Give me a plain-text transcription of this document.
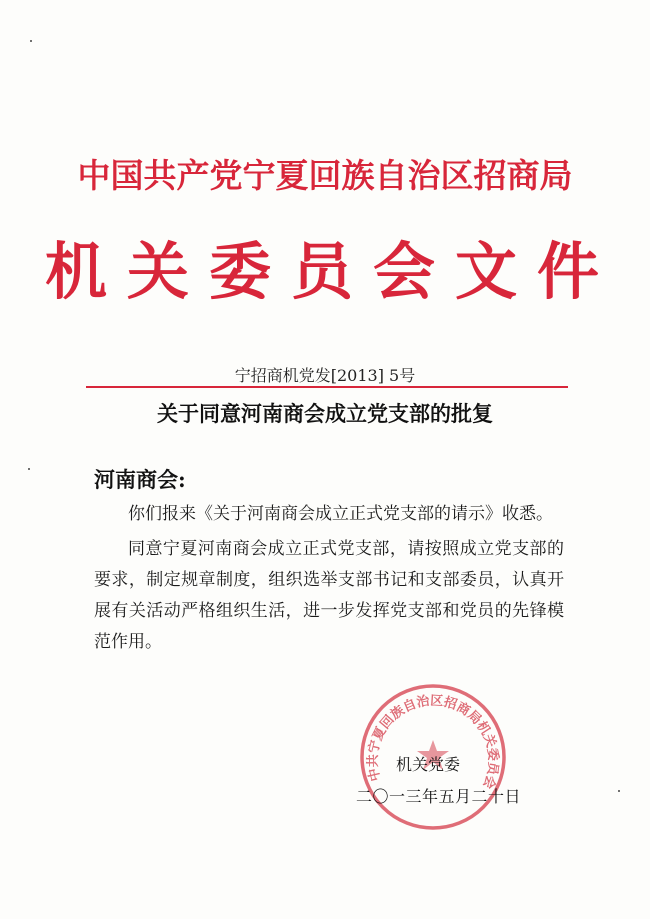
中国共产党宁夏回族自治区招商局
机关委员会文件
宁招商机党发[2013] 5号
关于同意河南商会成立党支部的批复
河南商会:
你们报来《关于河南商会成立正式党支部的请示》收悉。
同意宁夏河南商会成立正式党支部，请按照成立党支部的要求，制定规章制度，组织选举支部书记和支部委员，认真开展有关活动严格组织生活，进一步发挥党支部和党员的先锋模范作用。
中共宁夏回族自治区招商局机关委员会
机关党委
二〇一三年五月二十日
